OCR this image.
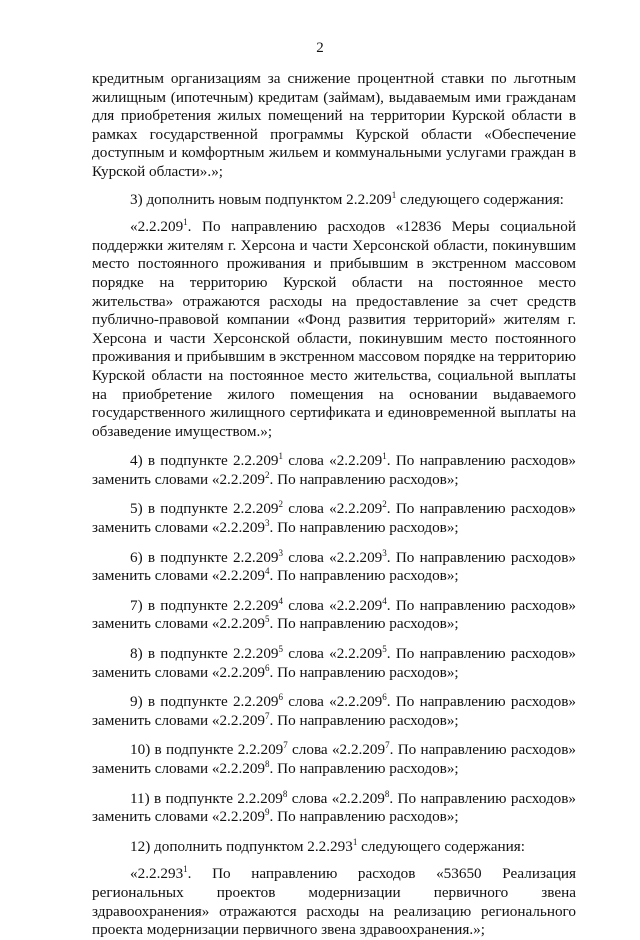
2

кредитным организациям за снижение процентной ставки по льготным жилищным (ипотечным) кредитам (займам), выдаваемым ими гражданам для приобретения жилых помещений на территории Курской области в рамках государственной программы Курской области «Обеспечение доступным и комфортным жильем и коммунальными услугами граждан в Курской области».»;

3) дополнить новым подпунктом 2.2.209$^1$ следующего содержания:

«2.2.209$^1$. По направлению расходов «12836 Меры социальной поддержки жителям г. Херсона и части Херсонской области, покинувшим место постоянного проживания и прибывшим в экстренном массовом порядке на территорию Курской области на постоянное место жительства» отражаются расходы на предоставление за счет средств публично-правовой компании «Фонд развития территорий» жителям г. Херсона и части Херсонской области, покинувшим место постоянного проживания и прибывшим в экстренном массовом порядке на территорию Курской области на постоянное место жительства, социальной выплаты на приобретение жилого помещения на основании выдаваемого государственного жилищного сертификата и единовременной выплаты на обзаведение имуществом.»;

4) в подпункте 2.2.209$^1$ слова «2.2.209$^1$. По направлению расходов» заменить словами «2.2.209$^2$. По направлению расходов»;

5) в подпункте 2.2.209$^2$ слова «2.2.209$^2$. По направлению расходов» заменить словами «2.2.209$^3$. По направлению расходов»;

6) в подпункте 2.2.209$^3$ слова «2.2.209$^3$. По направлению расходов» заменить словами «2.2.209$^4$. По направлению расходов»;

7) в подпункте 2.2.209$^4$ слова «2.2.209$^4$. По направлению расходов» заменить словами «2.2.209$^5$. По направлению расходов»;

8) в подпункте 2.2.209$^5$ слова «2.2.209$^5$. По направлению расходов» заменить словами «2.2.209$^6$. По направлению расходов»;

9) в подпункте 2.2.209$^6$ слова «2.2.209$^6$. По направлению расходов» заменить словами «2.2.209$^7$. По направлению расходов»;

10) в подпункте 2.2.209$^7$ слова «2.2.209$^7$. По направлению расходов» заменить словами «2.2.209$^8$. По направлению расходов»;

11) в подпункте 2.2.209$^8$ слова «2.2.209$^8$. По направлению расходов» заменить словами «2.2.209$^9$. По направлению расходов»;

12) дополнить подпунктом 2.2.293$^1$ следующего содержания:

«2.2.293$^1$. По направлению расходов «53650 Реализация региональных проектов модернизации первичного звена здравоохранения» отражаются расходы на реализацию регионального проекта модернизации первичного звена здравоохранения.»;
